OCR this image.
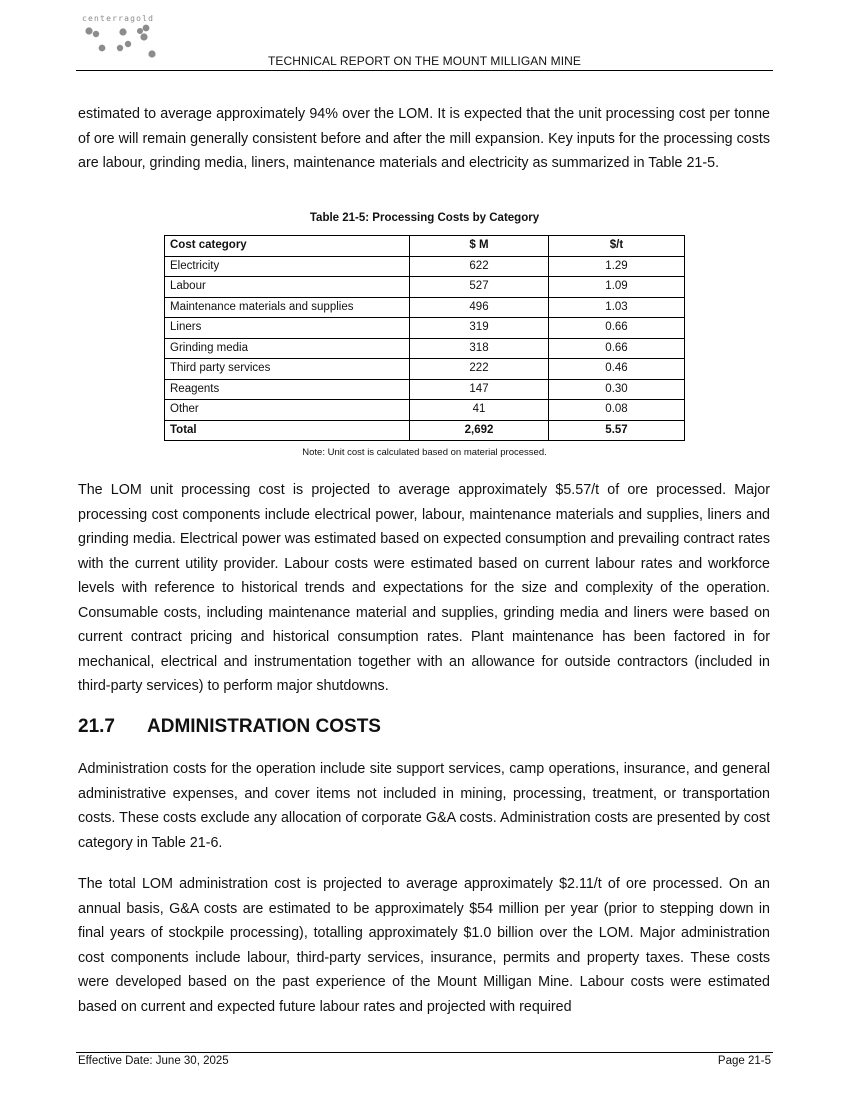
centerragold
TECHNICAL REPORT ON THE MOUNT MILLIGAN MINE

estimated to average approximately 94% over the LOM. It is expected that the unit processing cost per tonne of ore will remain generally consistent before and after the mill expansion. Key inputs for the processing costs are labour, grinding media, liners, maintenance materials and electricity as summarized in Table 21-5.

Table 21-5: Processing Costs by Category
Cost category	$ M	$/t
Electricity	622	1.29
Labour	527	1.09
Maintenance materials and supplies	496	1.03
Liners	319	0.66
Grinding media	318	0.66
Third party services	222	0.46
Reagents	147	0.30
Other	41	0.08
Total	2,692	5.57
Note: Unit cost is calculated based on material processed.

The LOM unit processing cost is projected to average approximately $5.57/t of ore processed. Major processing cost components include electrical power, labour, maintenance materials and supplies, liners and grinding media. Electrical power was estimated based on expected consumption and prevailing contract rates with the current utility provider. Labour costs were estimated based on current labour rates and workforce levels with reference to historical trends and expectations for the size and complexity of the operation. Consumable costs, including maintenance material and supplies, grinding media and liners were based on current contract pricing and historical consumption rates. Plant maintenance has been factored in for mechanical, electrical and instrumentation together with an allowance for outside contractors (included in third-party services) to perform major shutdowns.

21.7 ADMINISTRATION COSTS

Administration costs for the operation include site support services, camp operations, insurance, and general administrative expenses, and cover items not included in mining, processing, treatment, or transportation costs. These costs exclude any allocation of corporate G&A costs. Administration costs are presented by cost category in Table 21-6.

The total LOM administration cost is projected to average approximately $2.11/t of ore processed. On an annual basis, G&A costs are estimated to be approximately $54 million per year (prior to stepping down in final years of stockpile processing), totalling approximately $1.0 billion over the LOM. Major administration cost components include labour, third-party services, insurance, permits and property taxes. These costs were developed based on the past experience of the Mount Milligan Mine. Labour costs were estimated based on current and expected future labour rates and projected with required

Effective Date: June 30, 2025	Page 21-5
